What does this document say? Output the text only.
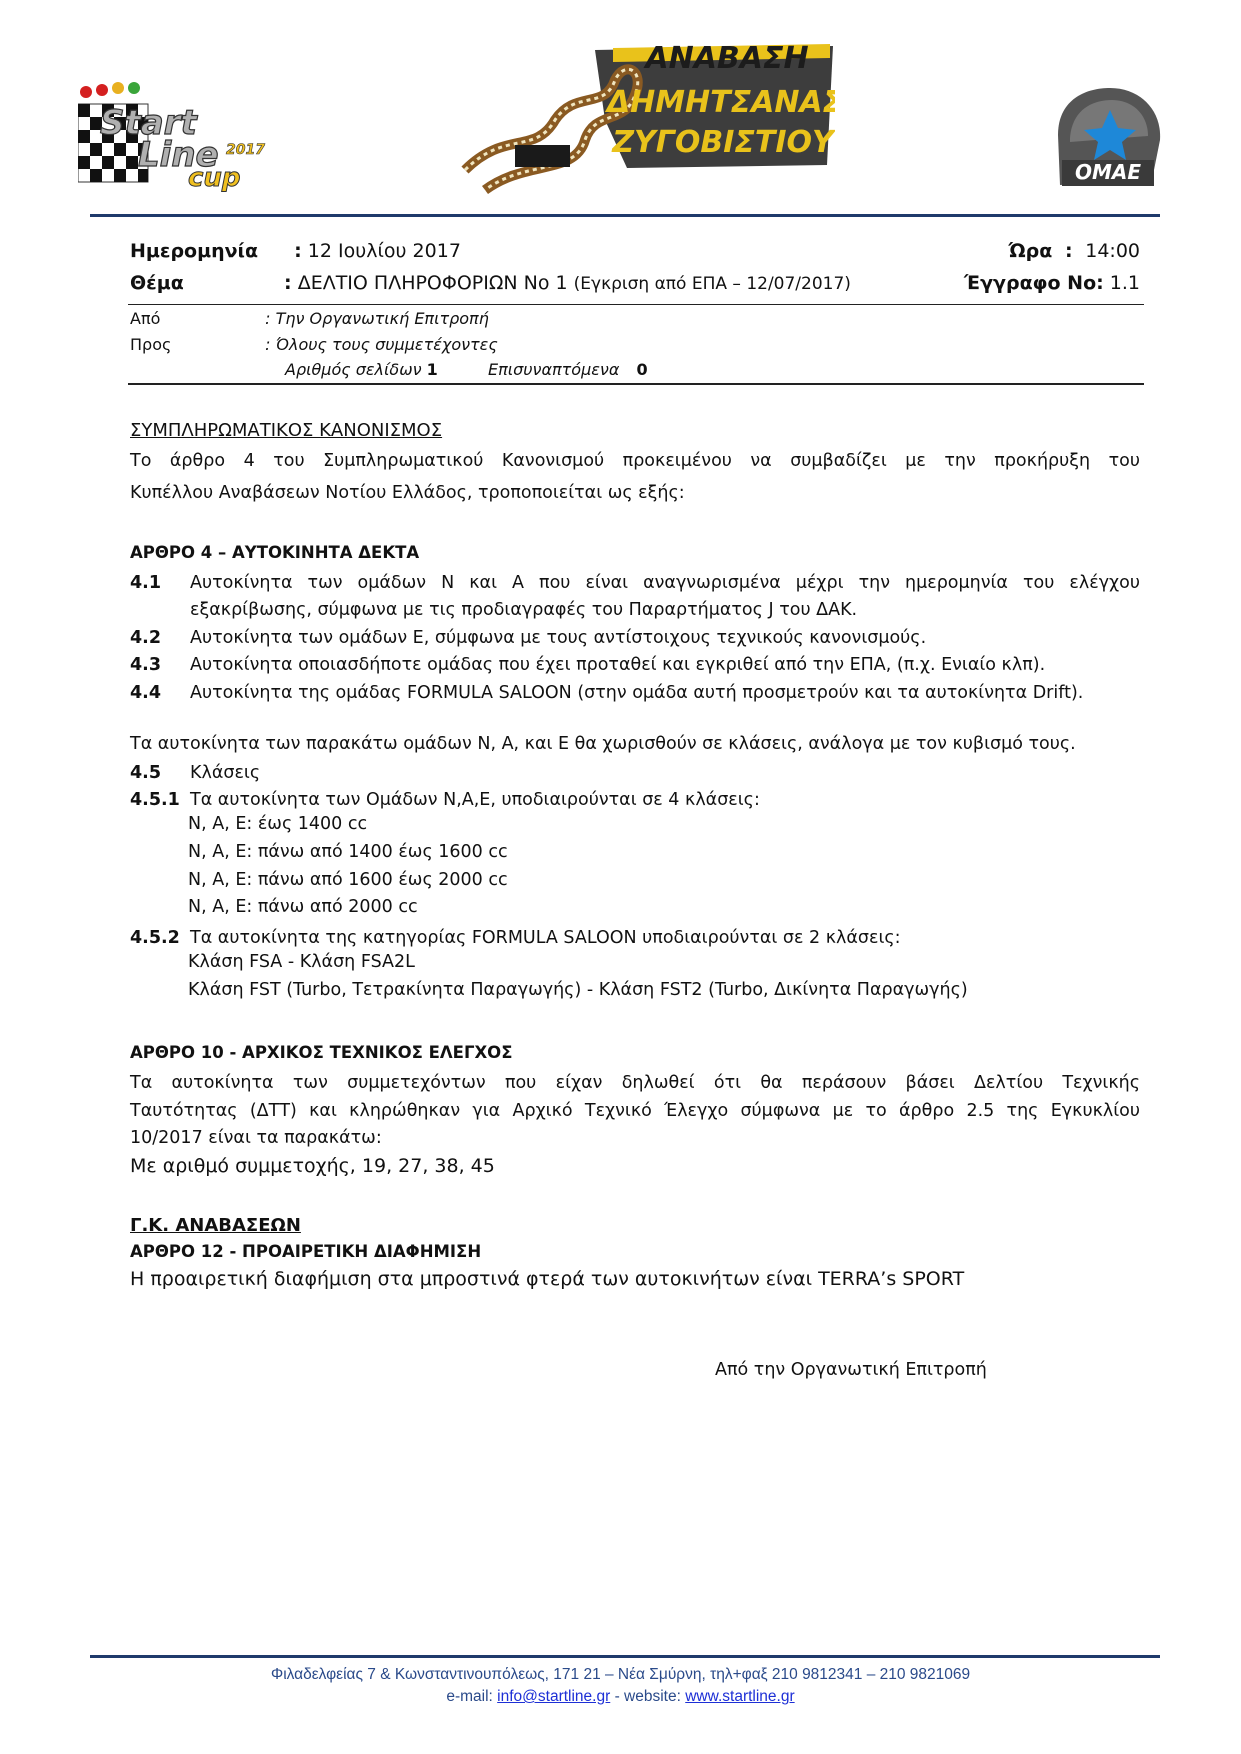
Start
Line 2017
cup
ΑΝΑΒΑΣΗ
ΔΗΜΗΤΣΑΝΑΣ
ΖΥΓΟΒΙΣΤΙΟΥ
ΟΜΑΕ
Ημερομηνία : 12 Ιουλίου 2017	Ώρα  :  14:00
Θέμα	: ΔΕΛΤΙΟ ΠΛΗΡΟΦΟΡΙΩΝ Νο 1 (Εγκριση από ΕΠΑ – 12/07/2017)	Έγγραφο Νο: 1.1
Από	: Την Οργανωτική Επιτροπή
Προς	: Όλους τους συμμετέχοντες
Αριθμός σελίδων 1	Επισυναπτόμενα 0
ΣΥΜΠΛΗΡΩΜΑΤΙΚΟΣ ΚΑΝΟΝΙΣΜΟΣ
Το άρθρο 4 του Συμπληρωματικού Κανονισμού προκειμένου να συμβαδίζει με την προκήρυξη του
Κυπέλλου Αναβάσεων Νοτίου Ελλάδος, τροποποιείται ως εξής:
ΑΡΘΡΟ 4 – ΑΥΤΟΚΙΝΗΤΑ ΔΕΚΤΑ
4.1 Αυτοκίνητα των ομάδων Ν και Α που είναι αναγνωρισμένα μέχρι την ημερομηνία του ελέγχου εξακρίβωσης, σύμφωνα με τις προδιαγραφές του Παραρτήματος J του ΔΑΚ.
4.2 Αυτοκίνητα των ομάδων Ε, σύμφωνα με τους αντίστοιχους τεχνικούς κανονισμούς.
4.3 Αυτοκίνητα οποιασδήποτε ομάδας που έχει προταθεί και εγκριθεί από την ΕΠΑ, (π.χ. Ενιαίο κλπ).
4.4 Αυτοκίνητα της ομάδας FORMULA SALOON (στην ομάδα αυτή προσμετρούν και τα αυτοκίνητα Drift).
Τα αυτοκίνητα των παρακάτω ομάδων Ν, Α, και Ε θα χωρισθούν σε κλάσεις, ανάλογα με τον κυβισμό τους.
4.5 Κλάσεις
4.5.1 Τα αυτοκίνητα των Ομάδων Ν,Α,Ε, υποδιαιρούνται σε 4 κλάσεις:
Ν, Α, Ε: έως 1400 cc
Ν, Α, Ε: πάνω από 1400 έως 1600 cc
Ν, Α, Ε: πάνω από 1600 έως 2000 cc
Ν, Α, Ε: πάνω από 2000 cc
4.5.2 Τα αυτοκίνητα της κατηγορίας FORMULA SALOON υποδιαιρούνται σε 2 κλάσεις:
Κλάση FSA - Κλάση FSA2L
Κλάση FST (Turbo, Τετρακίνητα Παραγωγής) - Κλάση FST2 (Turbo, Δικίνητα Παραγωγής)
ΑΡΘΡΟ 10 - ΑΡΧΙΚΟΣ ΤΕΧΝΙΚΟΣ ΕΛΕΓΧΟΣ
Τα αυτοκίνητα των συμμετεχόντων που είχαν δηλωθεί ότι θα περάσουν βάσει Δελτίου Τεχνικής
Ταυτότητας (ΔΤΤ) και κληρώθηκαν για Αρχικό Τεχνικό Έλεγχο σύμφωνα με το άρθρο 2.5 της Εγκυκλίου
10/2017 είναι τα παρακάτω:
Με αριθμό συμμετοχής, 19, 27, 38, 45
Γ.Κ. ΑΝΑΒΑΣΕΩΝ
ΑΡΘΡΟ 12 - ΠΡΟΑΙΡΕΤΙΚΗ ΔΙΑΦΗΜΙΣΗ
Η προαιρετική διαφήμιση στα μπροστινά φτερά των αυτοκινήτων είναι TERRA’s SPORT
Από την Οργανωτική Επιτροπή
Φιλαδελφείας 7 & Κωνσταντινουπόλεως, 171 21 – Νέα Σμύρνη, τηλ+φαξ 210 9812341 – 210 9821069
e-mail: info@startline.gr - website: www.startline.gr
